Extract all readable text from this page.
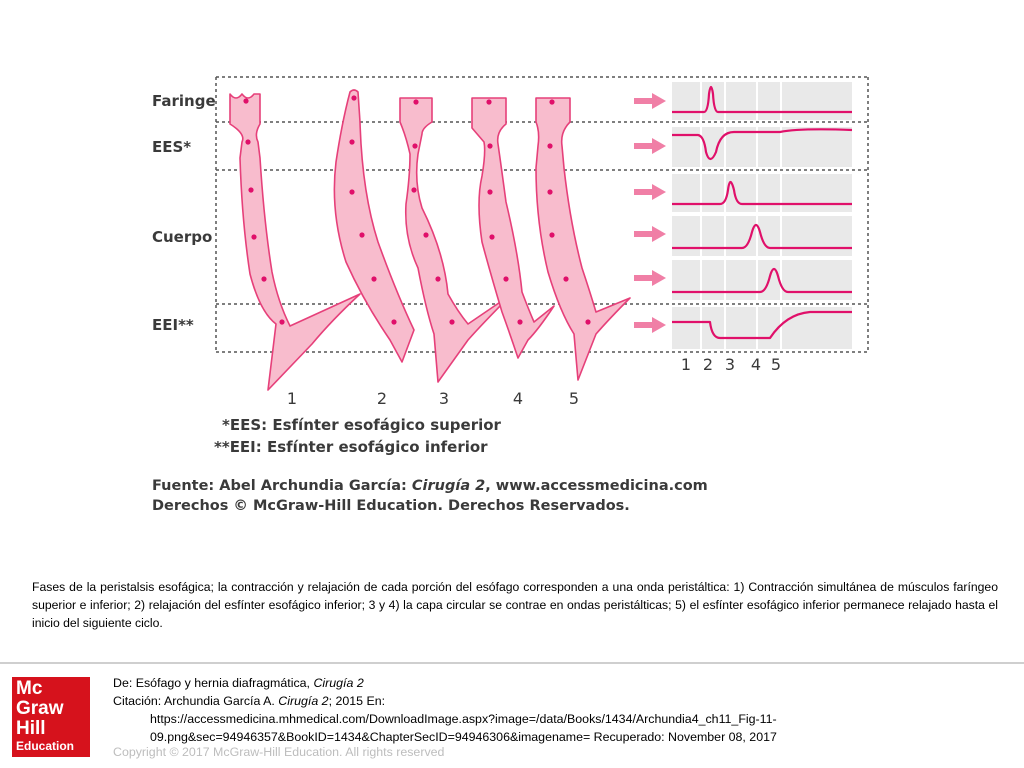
Faringe
EES*
Cuerpo
EEI**
1 2 3 4 5
1	2	3	4	5
*EES: Esfínter esofágico superior
**EEI: Esfínter esofágico inferior
Fuente: Abel Archundia García: Cirugía 2, www.accessmedicina.com
Derechos © McGraw-Hill Education. Derechos Reservados.

Fases de la peristalsis esofágica; la contracción y relajación de cada porción del esófago corresponden a una onda peristáltica: 1) Contracción simultánea de músculos faríngeo superior e inferior; 2) relajación del esfínter esofágico inferior; 3 y 4) la capa circular se contrae en ondas peristálticas; 5) el esfínter esofágico inferior permanece relajado hasta el inicio del siguiente ciclo.

Mc
Graw
Hill
Education

De: Esófago y hernia diafragmática, Cirugía 2

Citación: Archundia García A. Cirugía 2; 2015 En:

https://accessmedicina.mhmedical.com/DownloadImage.aspx?image=/data/Books/1434/Archundia4_ch11_Fig-11-
09.png&sec=94946357&BookID=1434&ChapterSecID=94946306&imagename= Recuperado: November 08, 2017

Copyright © 2017 McGraw-Hill Education. All rights reserved
